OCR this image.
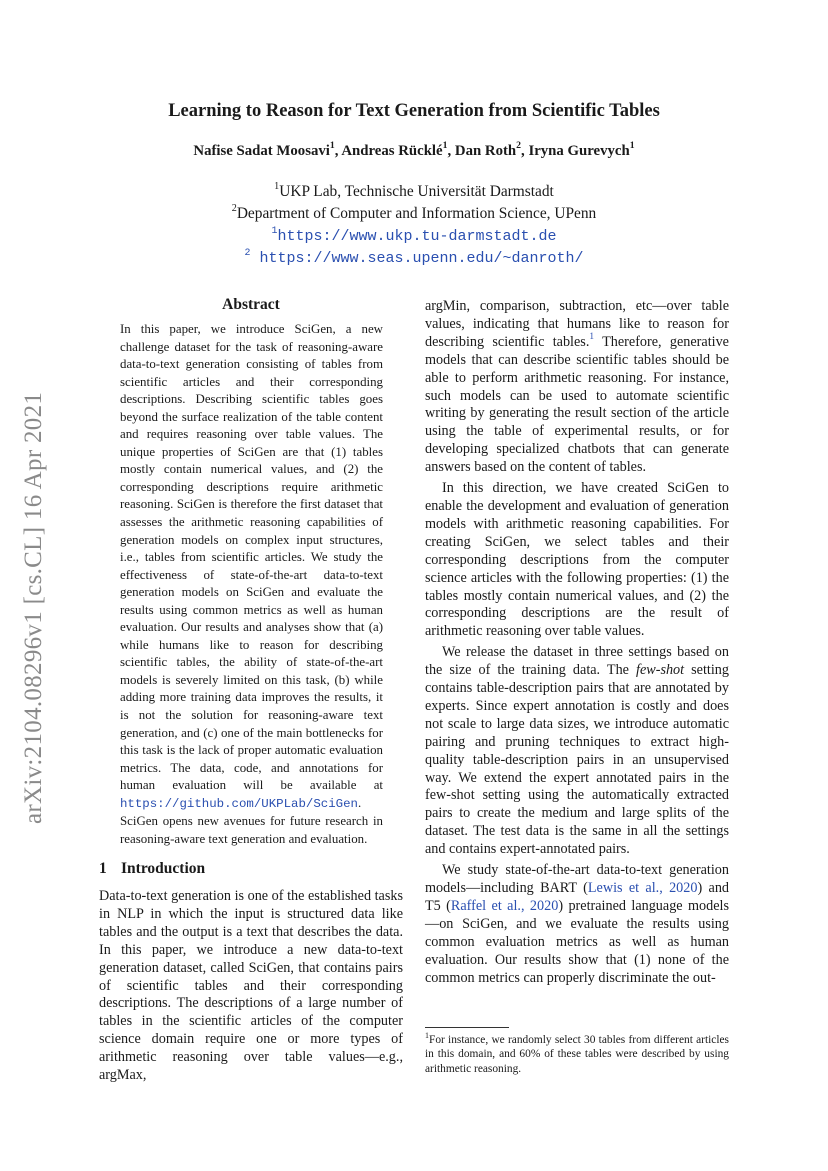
arXiv:2104.08296v1 [cs.CL] 16 Apr 2021
Learning to Reason for Text Generation from Scientific Tables
Nafise Sadat Moosavi$^1$, Andreas Rücklé$^1$, Dan Roth$^2$, Iryna Gurevych$^1$
$^1$UKP Lab, Technische Universität Darmstadt
$^2$Department of Computer and Information Science, UPenn
$^1$https://www.ukp.tu-darmstadt.de
$^2$ https://www.seas.upenn.edu/~danroth/
Abstract
In this paper, we introduce SciGen, a new challenge dataset for the task of reasoning-aware data-to-text generation consisting of tables from scientific articles and their corresponding descriptions. Describing scientific tables goes beyond the surface realization of the table content and requires reasoning over table values. The unique properties of SciGen are that (1) tables mostly contain numerical values, and (2) the corresponding descriptions require arithmetic reasoning. SciGen is therefore the first dataset that assesses the arithmetic reasoning capabilities of generation models on complex input structures, i.e., tables from scientific articles. We study the effectiveness of state-of-the-art data-to-text generation models on SciGen and evaluate the results using common metrics as well as human evaluation. Our results and analyses show that (a) while humans like to reason for describing scientific tables, the ability of state-of-the-art models is severely limited on this task, (b) while adding more training data improves the results, it is not the solution for reasoning-aware text generation, and (c) one of the main bottlenecks for this task is the lack of proper automatic evaluation metrics. The data, code, and annotations for human evaluation will be available at https://github.com/UKPLab/SciGen. SciGen opens new avenues for future research in reasoning-aware text generation and evaluation.
1 Introduction

Data-to-text generation is one of the established tasks in NLP in which the input is structured data like tables and the output is a text that describes the data. In this paper, we introduce a new data-to-text generation dataset, called SciGen, that contains pairs of scientific tables and their corresponding descriptions. The descriptions of a large number of tables in the scientific articles of the computer science domain require one or more types of arithmetic reasoning over table values—e.g., argMax,

argMin, comparison, subtraction, etc—over table values, indicating that humans like to reason for describing scientific tables.$^1$ Therefore, generative models that can describe scientific tables should be able to perform arithmetic reasoning. For instance, such models can be used to automate scientific writing by generating the result section of the article using the table of experimental results, or for developing specialized chatbots that can generate answers based on the content of tables.

In this direction, we have created SciGen to enable the development and evaluation of generation models with arithmetic reasoning capabilities. For creating SciGen, we select tables and their corresponding descriptions from the computer science articles with the following properties: (1) the tables mostly contain numerical values, and (2) the corresponding descriptions are the result of arithmetic reasoning over table values.

We release the dataset in three settings based on the size of the training data. The few-shot setting contains table-description pairs that are annotated by experts. Since expert annotation is costly and does not scale to large data sizes, we introduce automatic pairing and pruning techniques to extract high-quality table-description pairs in an unsupervised way. We extend the expert annotated pairs in the few-shot setting using the automatically extracted pairs to create the medium and large splits of the dataset. The test data is the same in all the settings and contains expert-annotated pairs.

We study state-of-the-art data-to-text generation models—including BART (Lewis et al., 2020) and T5 (Raffel et al., 2020) pretrained language models—on SciGen, and we evaluate the results using common evaluation metrics as well as human evaluation. Our results show that (1) none of the common metrics can properly discriminate the out-

$^1$For instance, we randomly select 30 tables from different articles in this domain, and 60% of these tables were described by using arithmetic reasoning.
